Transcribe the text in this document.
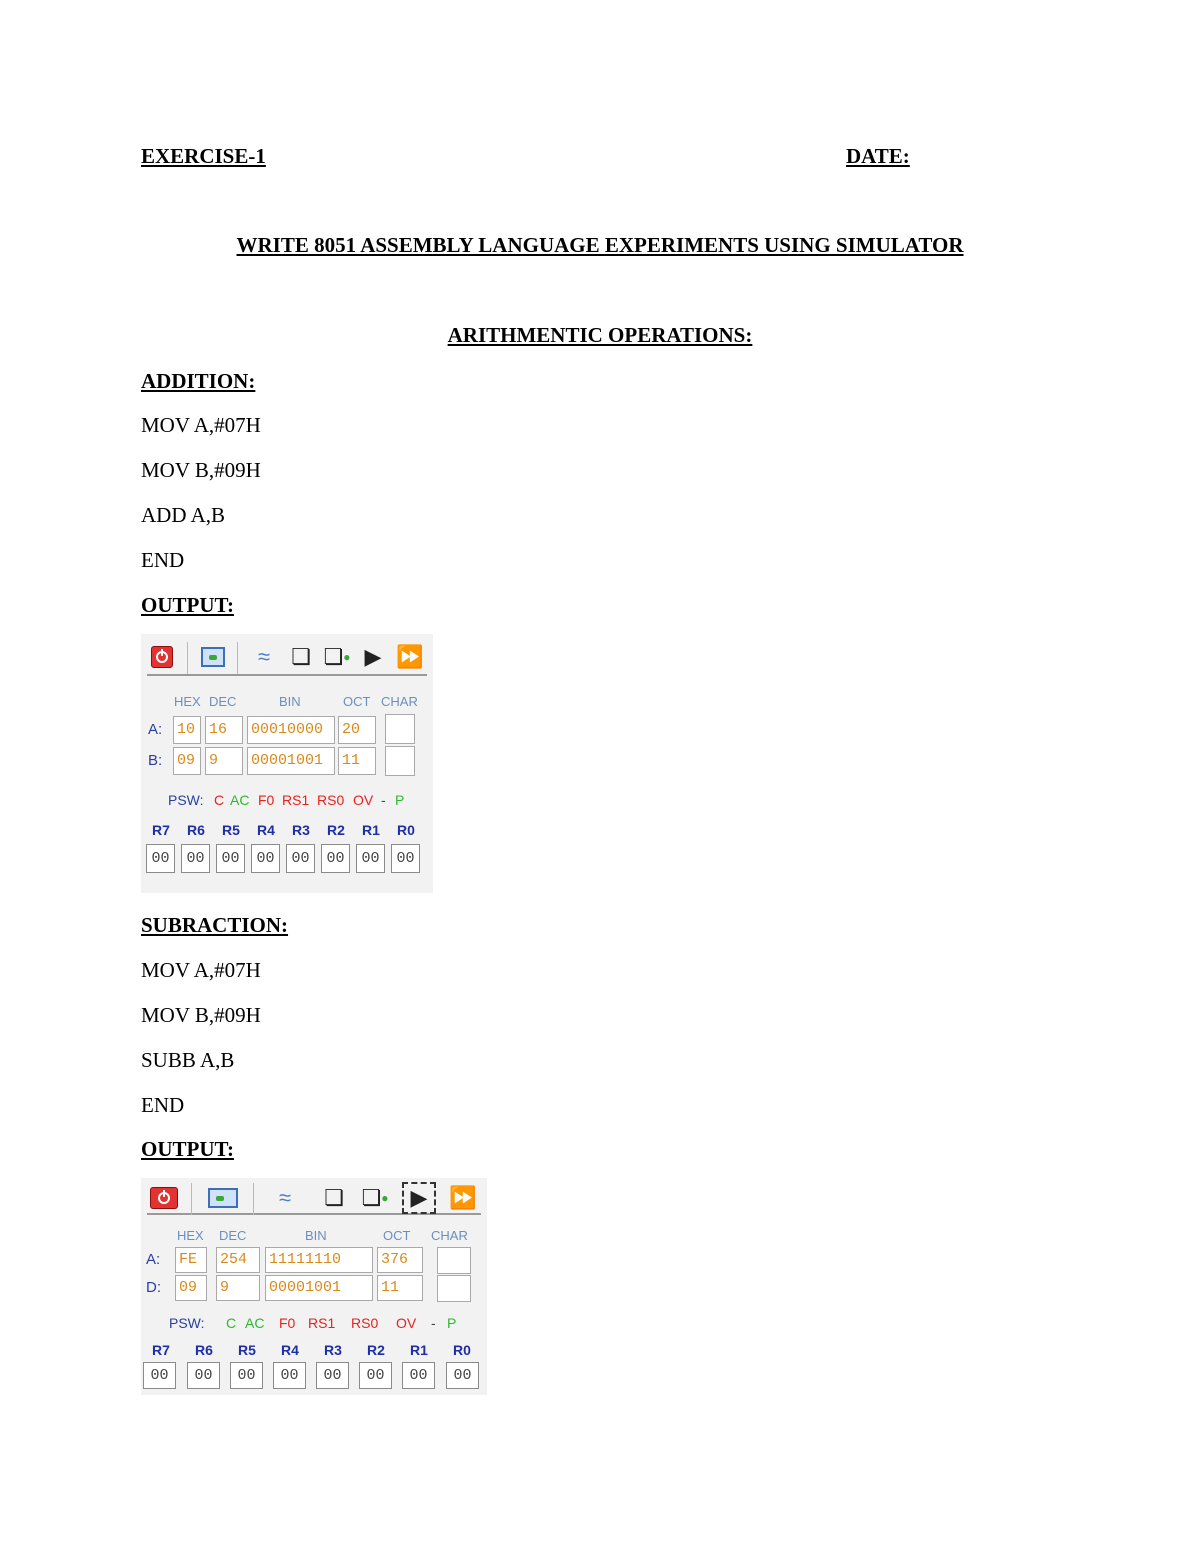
EXERCISE-1	DATE:
WRITE 8051 ASSEMBLY LANGUAGE EXPERIMENTS USING SIMULATOR
ARITHMENTIC OPERATIONS:
ADDITION:
MOV A,#07H
MOV B,#09H
ADD A,B
END
OUTPUT:
≈ ❏ ❏ ● ▶ ⏩
HEX DEC	BIN	OCT CHAR
A: 10 16	00010000	20
B: 09 9	00001001	11
PSW: C AC F0 RS1 RS0 OV - P
R7	R6	R5	R4	R3	R2	R1	R0
00	00	00	00	00	00	00	00
SUBRACTION:
MOV A,#07H
MOV B,#09H
SUBB A,B
END
OUTPUT:
≈	❏ ❏ ● ▶ ⏩
HEX DEC	BIN	OCT CHAR
A: FE	254	11111110	376
D: 09	9	00001001	11
PSW: C AC F0 RS1 RS0 OV - P
R7	R6	R5	R4	R3	R2	R1	R0
00	00	00	00	00	00	00	00
